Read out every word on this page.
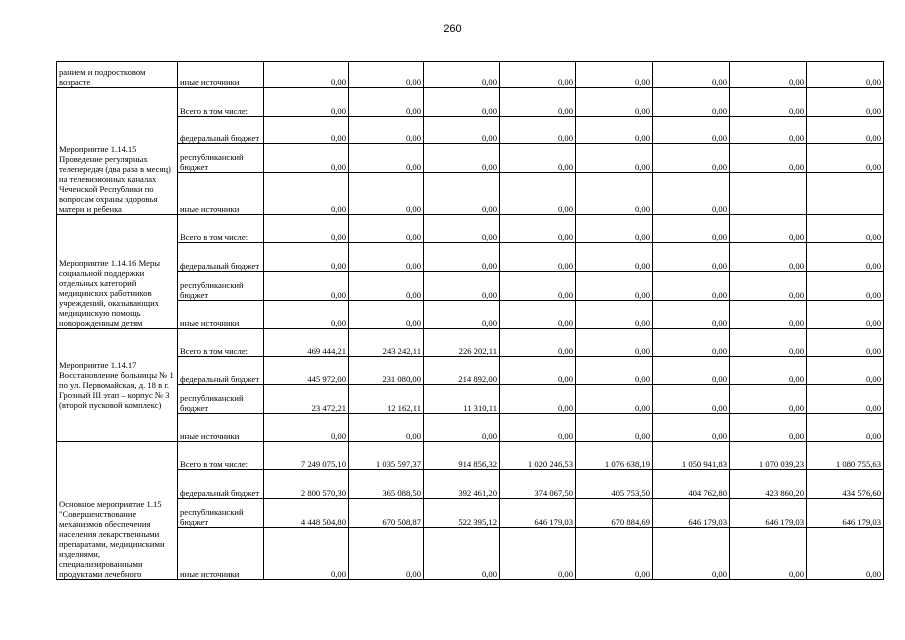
260
ранием и подростковом возрасте	иные источники	0,00	0,00	0,00	0,00	0,00	0,00	0,00	0,00	
Мероприятие 1.14.15 Проведение регулярных телепередач (два раза в месяц) на телевизионных каналах Чеченской Республики по вопросам охраны здоровья матери и ребенка	Всего в том числе:	0,00	0,00	0,00	0,00	0,00	0,00	0,00	0,00	
	федеральный бюджет	0,00	0,00	0,00	0,00	0,00	0,00	0,00	0,00	
	республиканский бюджет	0,00	0,00	0,00	0,00	0,00	0,00	0,00	0,00	
	иные источники	0,00	0,00	0,00	0,00	0,00	0,00			
Мероприятие 1.14.16 Меры социальной поддержки отдельных категорий медицинских работников учреждений, оказывающих медицинскую помощь новорожденным детям	Всего в том числе:	0,00	0,00	0,00	0,00	0,00	0,00	0,00	0,00	
	федеральный бюджет	0,00	0,00	0,00	0,00	0,00	0,00	0,00	0,00	
	республиканский бюджет	0,00	0,00	0,00	0,00	0,00	0,00	0,00	0,00	
	иные источники	0,00	0,00	0,00	0,00	0,00	0,00	0,00	0,00	
Мероприятие 1.14.17 Восстановление больницы № 1 по ул. Первомайская, д. 18 в г. Грозный III этап – корпус № 3 (второй пусковой комплекс)	Всего в том числе:	469 444,21	243 242,11	226 202,11	0,00	0,00	0,00	0,00	0,00	
	федеральный бюджет	445 972,00	231 080,00	214 892,00	0,00	0,00	0,00	0,00	0,00	
	республиканский бюджет	23 472,21	12 162,11	11 310,11	0,00	0,00	0,00	0,00	0,00	
	иные источники	0,00	0,00	0,00	0,00	0,00	0,00	0,00	0,00	
Основное мероприятие 1.15 "Совершенствование механизмов обеспечения населения лекарственными препаратами, медицинскими изделиями, специализированными продуктами лечебного	Всего в том числе:	7 249 075,10	1 035 597,37	914 856,32	1 020 246,53	1 076 638,19	1 050 941,83	1 070 039,23	1 080 755,63	
	федеральный бюджет	2 800 570,30	365 088,50	392 461,20	374 067,50	405 753,50	404 762,80	423 860,20	434 576,60	
	республиканский бюджет	4 448 504,80	670 508,87	522 395,12	646 179,03	670 884,69	646 179,03	646 179,03	646 179,03	
	иные источники	0,00	0,00	0,00	0,00	0,00	0,00	0,00	0,00	
